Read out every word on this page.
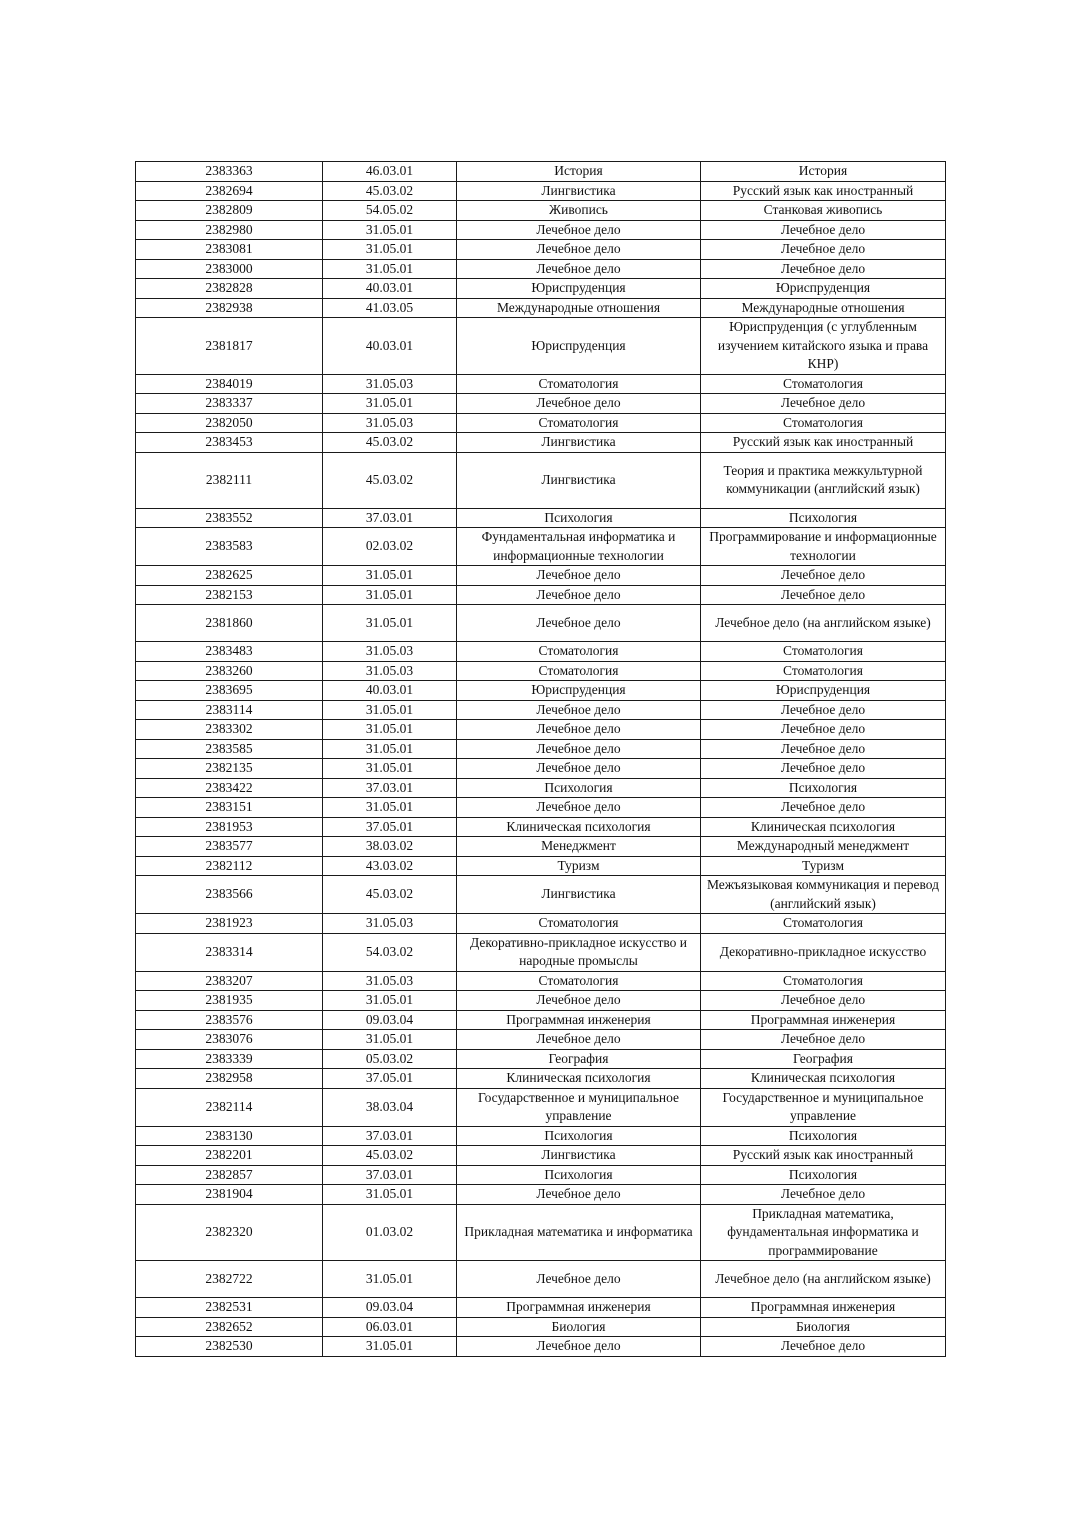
2383363	46.03.01	История	История
2382694	45.03.02	Лингвистика	Русский язык как иностранный
2382809	54.05.02	Живопись	Станковая живопись
2382980	31.05.01	Лечебное дело	Лечебное дело
2383081	31.05.01	Лечебное дело	Лечебное дело
2383000	31.05.01	Лечебное дело	Лечебное дело
2382828	40.03.01	Юриспруденция	Юриспруденция
2382938	41.03.05	Международные отношения	Международные отношения
2381817	40.03.01	Юриспруденция	Юриспруденция (с углубленным изучением китайского языка и права КНР)
2384019	31.05.03	Стоматология	Стоматология
2383337	31.05.01	Лечебное дело	Лечебное дело
2382050	31.05.03	Стоматология	Стоматология
2383453	45.03.02	Лингвистика	Русский язык как иностранный
2382111	45.03.02	Лингвистика	Теория и практика межкультурной коммуникации (английский язык)
2383552	37.03.01	Психология	Психология
2383583	02.03.02	Фундаментальная информатика и информационные технологии	Программирование и информационные технологии
2382625	31.05.01	Лечебное дело	Лечебное дело
2382153	31.05.01	Лечебное дело	Лечебное дело
2381860	31.05.01	Лечебное дело	Лечебное дело (на английском языке)
2383483	31.05.03	Стоматология	Стоматология
2383260	31.05.03	Стоматология	Стоматология
2383695	40.03.01	Юриспруденция	Юриспруденция
2383114	31.05.01	Лечебное дело	Лечебное дело
2383302	31.05.01	Лечебное дело	Лечебное дело
2383585	31.05.01	Лечебное дело	Лечебное дело
2382135	31.05.01	Лечебное дело	Лечебное дело
2383422	37.03.01	Психология	Психология
2383151	31.05.01	Лечебное дело	Лечебное дело
2381953	37.05.01	Клиническая психология	Клиническая психология
2383577	38.03.02	Менеджмент	Международный менеджмент
2382112	43.03.02	Туризм	Туризм
2383566	45.03.02	Лингвистика	Межъязыковая коммуникация и перевод (английский язык)
2381923	31.05.03	Стоматология	Стоматология
2383314	54.03.02	Декоративно-прикладное искусство и народные промыслы	Декоративно-прикладное искусство
2383207	31.05.03	Стоматология	Стоматология
2381935	31.05.01	Лечебное дело	Лечебное дело
2383576	09.03.04	Программная инженерия	Программная инженерия
2383076	31.05.01	Лечебное дело	Лечебное дело
2383339	05.03.02	География	География
2382958	37.05.01	Клиническая психология	Клиническая психология
2382114	38.03.04	Государственное и муниципальное управление	Государственное и муниципальное управление
2383130	37.03.01	Психология	Психология
2382201	45.03.02	Лингвистика	Русский язык как иностранный
2382857	37.03.01	Психология	Психология
2381904	31.05.01	Лечебное дело	Лечебное дело
2382320	01.03.02	Прикладная математика и информатика	Прикладная математика, фундаментальная информатика и программирование
2382722	31.05.01	Лечебное дело	Лечебное дело (на английском языке)
2382531	09.03.04	Программная инженерия	Программная инженерия
2382652	06.03.01	Биология	Биология
2382530	31.05.01	Лечебное дело	Лечебное дело
